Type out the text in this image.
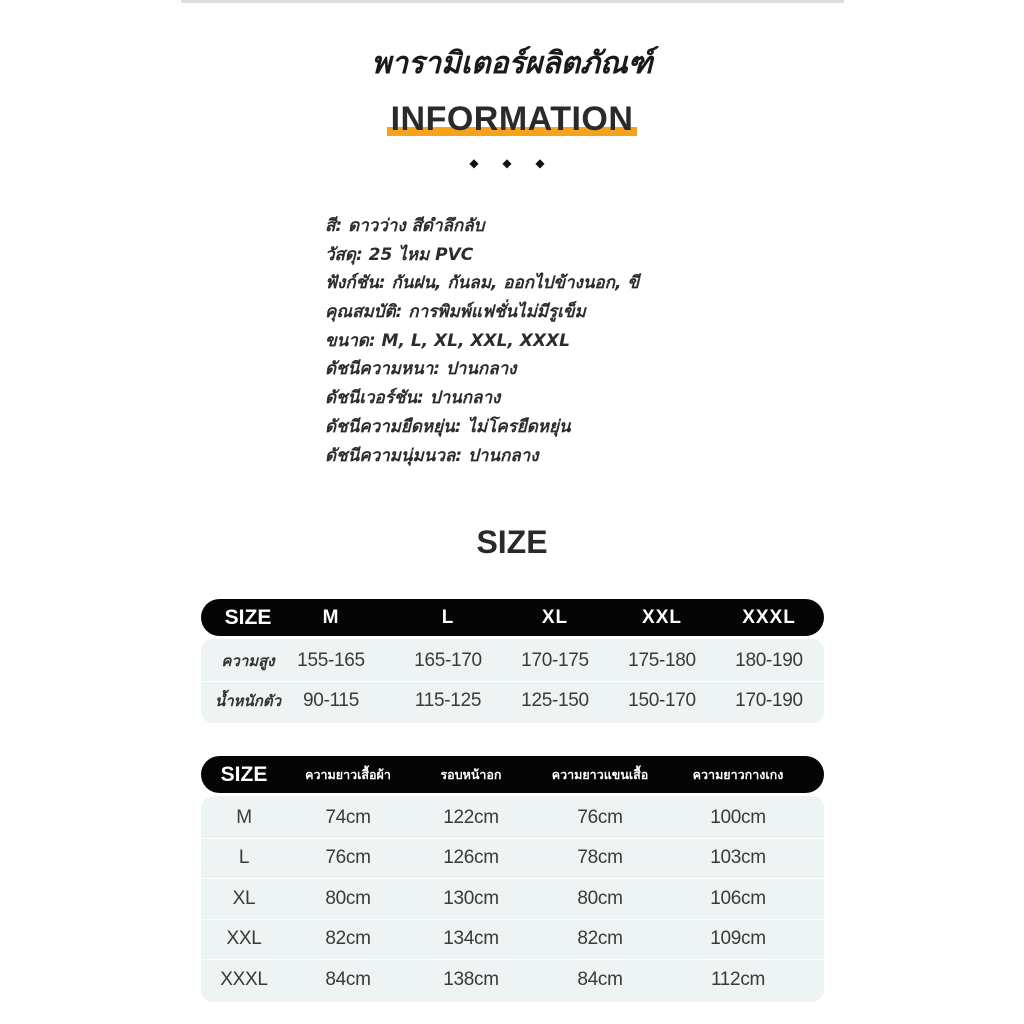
พารามิเตอร์ผลิตภัณฑ์
INFORMATION
◆ ◆ ◆
สี: ดาวว่าง สีดำลึกลับ
วัสดุ: 25 ไหม PVC
ฟังก์ชัน: กันฝน, กันลม, ออกไปข้างนอก, ขี
คุณสมบัติ: การพิมพ์แฟชั่นไม่มีรูเข็ม
ขนาด: M, L, XL, XXL, XXXL
ดัชนีความหนา: ปานกลาง
ดัชนีเวอร์ชัน: ปานกลาง
ดัชนีความยืดหยุ่น: ไม่โครยืดหยุ่น
ดัชนีความนุ่มนวล: ปานกลาง
SIZE
SIZE	M	L	XL	XXL	XXXL
ความสูง	155-165	165-170	170-175	175-180	180-190
น้ำหนักตัว	90-115	115-125	125-150	150-170	170-190
SIZE	ความยาวเสื้อผ้า	รอบหน้าอก	ความยาวแขนเสื้อ	ความยาวกางเกง
M	74cm	122cm	76cm	100cm
L	76cm	126cm	78cm	103cm
XL	80cm	130cm	80cm	106cm
XXL	82cm	134cm	82cm	109cm
XXXL	84cm	138cm	84cm	112cm
